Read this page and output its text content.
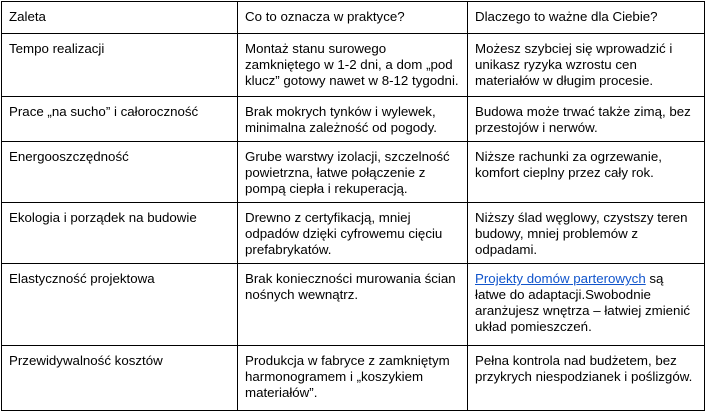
Zaleta	Co to oznacza w praktyce?	Dlaczego to ważne dla Ciebie?
Tempo realizacji	Montaż stanu surowego zamkniętego w 1-2 dni, a dom „pod klucz” gotowy nawet w 8-12 tygodni.	Możesz szybciej się wprowadzić i unikasz ryzyka wzrostu cen materiałów w długim procesie.
Prace „na sucho” i całoroczność	Brak mokrych tynków i wylewek, minimalna zależność od pogody.	Budowa może trwać także zimą, bez przestojów i nerwów.
Energooszczędność	Grube warstwy izolacji, szczelność powietrzna, łatwe połączenie z pompą ciepła i rekuperacją.	Niższe rachunki za ogrzewanie, komfort cieplny przez cały rok.
Ekologia i porządek na budowie	Drewno z certyfikacją, mniej odpadów dzięki cyfrowemu cięciu prefabrykatów.	Niższy ślad węglowy, czystszy teren budowy, mniej problemów z odpadami.
Elastyczność projektowa	Brak konieczności murowania ścian nośnych wewnątrz.	Projekty domów parterowych są łatwe do adaptacji.Swobodnie aranżujesz wnętrza – łatwiej zmienić układ pomieszczeń.
Przewidywalność kosztów	Produkcja w fabryce z zamkniętym harmonogramem i „koszykiem materiałów”.	Pełna kontrola nad budżetem, bez przykrych niespodzianek i poślizgów.
